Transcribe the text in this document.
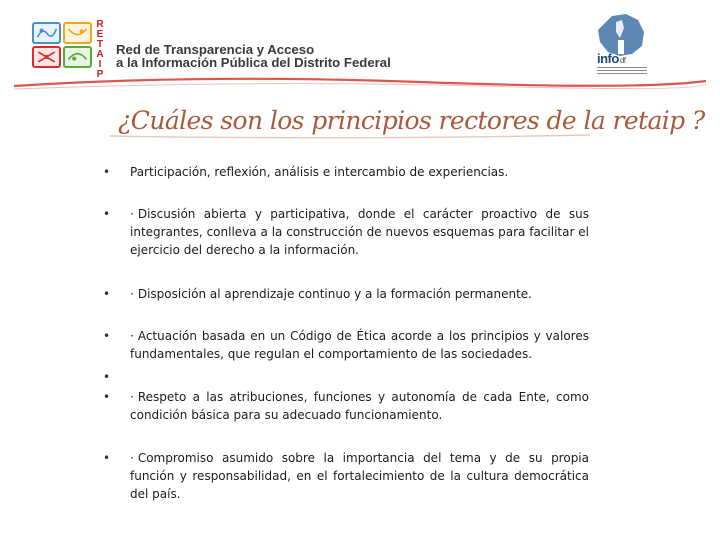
R
E
T
A
I
P
Red de Transparencia y Acceso
a la Información Pública del Distrito Federal	infodf
¿Cuáles son los principios rectores de la retaip ?
• Participación, reflexión, análisis e intercambio de experiencias.
• · Discusión abierta y participativa, donde el carácter proactivo de sus integrantes, conlleva a la construcción de nuevos esquemas para facilitar el ejercicio del derecho a la información.
• · Disposición al aprendizaje continuo y a la formación permanente.
• · Actuación basada en un Código de Ética acorde a los principios y valores fundamentales, que regulan el comportamiento de las sociedades.
•
• · Respeto a las atribuciones, funciones y autonomía de cada Ente, como condición básica para su adecuado funcionamiento.
• · Compromiso asumido sobre la importancia del tema y de su propia función y responsabilidad, en el fortalecimiento de la cultura democrática del país.
